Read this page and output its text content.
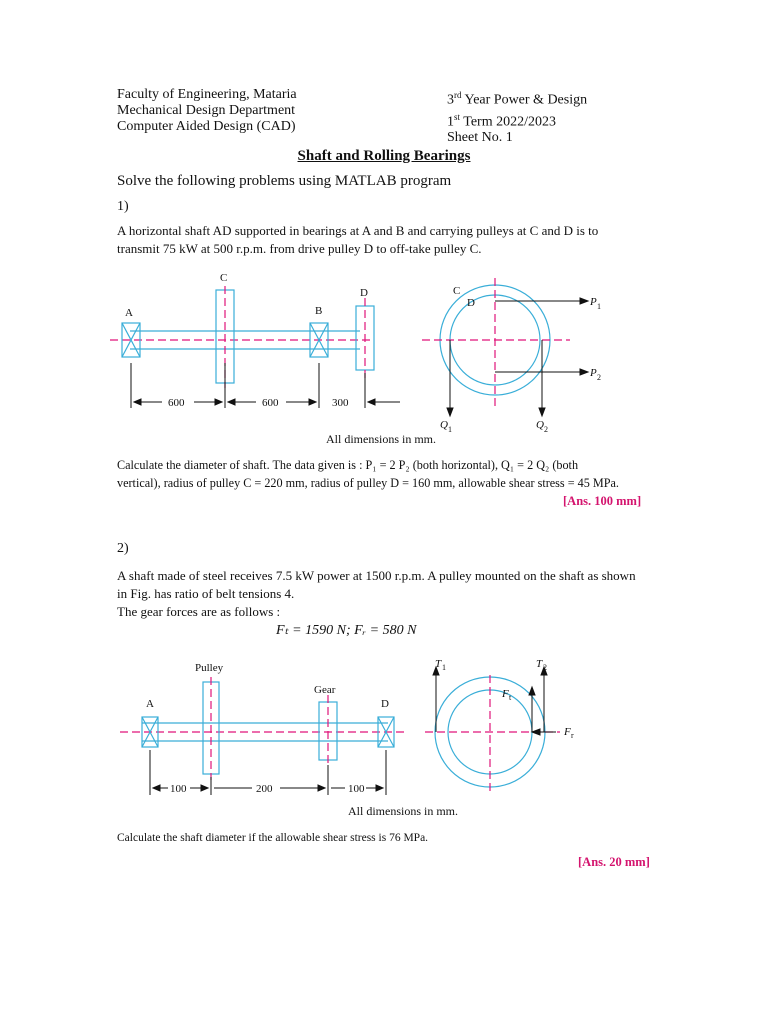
Faculty of Engineering, Mataria
Mechanical Design Department
Computer Aided Design (CAD)
3rd Year Power & Design
1st Term 2022/2023
Sheet No. 1
Shaft and Rolling Bearings
Solve the following problems using MATLAB program
1)
A horizontal shaft AD supported in bearings at A and B and carrying pulleys at C and D is to
transmit 75 kW at 500 r.p.m. from drive pulley D to off-take pulley C.
A
C
B
D	C
D	P 1
P 2
Q 1	Q 2
600	600	300
All dimensions in mm.
Calculate the diameter of shaft. The data given is : P₁ = 2 P₂ (both horizontal), Q₁ = 2 Q₂ (both
vertical), radius of pulley C = 220 mm, radius of pulley D = 160 mm, allowable shear stress = 45 MPa.
[Ans. 100 mm]
2)
A shaft made of steel receives 7.5 kW power at 1500 r.p.m. A pulley mounted on the shaft as shown
in Fig. has ratio of belt tensions 4.
The gear forces are as follows :
Fₜ = 1590 N; Fᵣ = 580 N
Pulley
Gear
A	D
T 1	T 2
F t
F r
100	200	100
All dimensions in mm.
Calculate the shaft diameter if the allowable shear stress is 76 MPa.
[Ans. 20 mm]
